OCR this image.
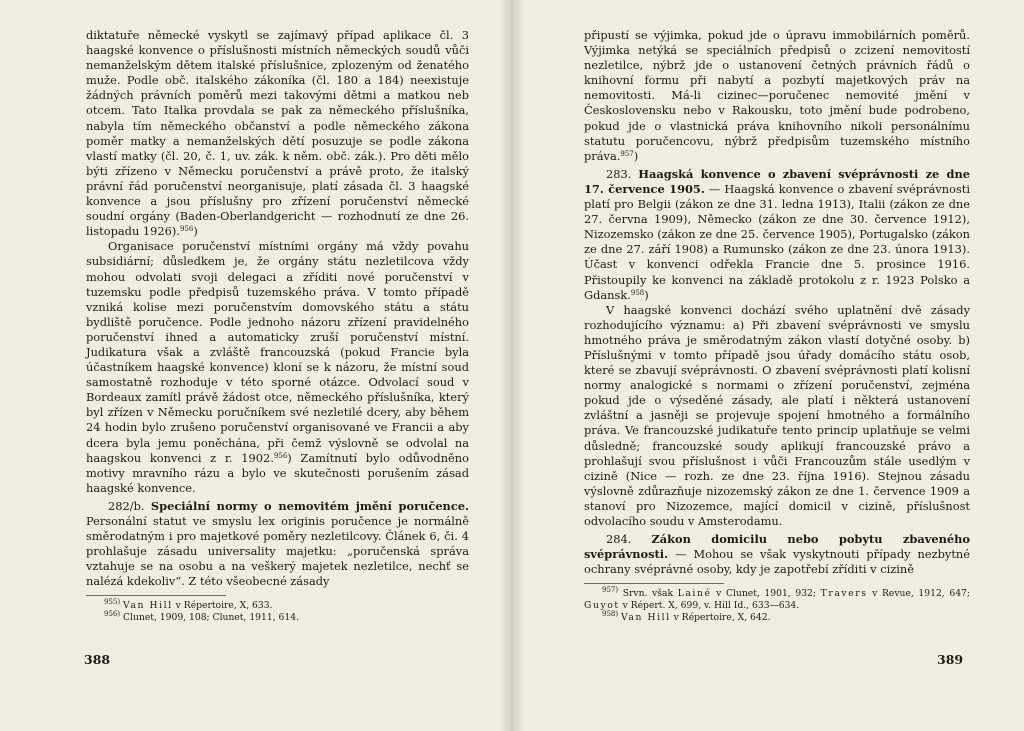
diktatuře německé vyskytl se zajímavý případ aplikace čl. 3 haagské konvence o příslušnosti místních německých soudů vůči nemanželským dětem italské příslušnice, zplozeným od ženatého muže. Podle obč. italského zákoníka (čl. 180 a 184) neexistuje žádných právních poměrů mezi takovými dětmi a matkou neb otcem. Tato Italka provdala se pak za německého příslušníka, nabyla tím německého občanství a podle německého zákona poměr matky a nemanželských dětí posuzuje se podle zákona vlastí matky (čl. 20, č. 1, uv. zák. k něm. obč. zák.). Pro děti mělo býti zřízeno v Německu poručenství a právě proto, že italský právní řád poručenství neorganisuje, platí zásada čl. 3 haagské konvence a jsou příslušny pro zřízení poručenství německé soudní orgány (Baden-Oberlandgericht — rozhodnutí ze dne 26. listopadu 1926).$^{956}$)

Organisace poručenství místními orgány má vždy povahu subsidiární; důsledkem je, že orgány státu nezletilcova vždy mohou odvolati svoji delegaci a zříditi nové poručenství v tuzemsku podle předpisů tuzemského práva. V tomto případě vzniká kolise mezi poručenstvím domovského státu a státu bydliště poručence. Podle jednoho názoru zřízení pravidelného poručenství ihned a automaticky zruší poručenství místní. Judikatura však a zvláště francouzská (pokud Francie byla účastníkem haagské konvence) kloní se k názoru, že místní soud samostatně rozhoduje v této sporné otázce. Odvolací soud v Bordeaux zamítl právě žádost otce, německého příslušníka, který byl zřízen v Německu poručníkem své nezletilé dcery, aby během 24 hodin bylo zrušeno poručenství organisované ve Francii a aby dcera byla jemu poněchána, při čemž výslovně se odvolal na haagskou konvenci z r. 1902.$^{956}$) Zamítnutí bylo odůvodněno motivy mravního rázu a bylo ve skutečnosti porušením zásad haagské konvence.

282/b. Speciální normy o nemovitém jmění poručence. Personální statut ve smyslu lex originis poručence je normálně směrodatným i pro majetkové poměry nezletilcovy. Článek 6, či. 4 prohlašuje zásadu universality majetku: „poručenská správa vztahuje se na osobu a na veškerý majetek nezletilce, nechť se nalézá kdekoliv“. Z této všeobecné zásady

$^{955)}$ Van Hill v Répertoire, X, 633.

$^{956)}$ Clunet, 1909, 108; Clunet, 1911, 614.

388

připustí se výjimka, pokud jde o úpravu immobilárních poměrů. Výjimka netýká se speciálních předpisů o zcizení nemovitostí nezletilce, nýbrž jde o ustanovení četných právních řádů o knihovní formu při nabytí a pozbytí majetkových práv na nemovitosti. Má-li cizinec—poručenec nemovité jmění v Československu nebo v Rakousku, toto jmění bude podrobeno, pokud jde o vlastnická práva knihovního nikoli personálnímu statutu poručencovu, nýbrž předpisům tuzemského místního práva.$^{957}$)

283. Haagská konvence o zbavení svéprávnosti ze dne 17. července 1905. — Haagská konvence o zbavení svéprávnosti platí pro Belgii (zákon ze dne 31. ledna 1913), Italii (zákon ze dne 27. června 1909), Německo (zákon ze dne 30. července 1912), Nizozemsko (zákon ze dne 25. července 1905), Portugalsko (zákon ze dne 27. září 1908) a Rumunsko (zákon ze dne 23. února 1913). Účast v konvenci odřekla Francie dne 5. prosince 1916. Přistoupily ke konvenci na základě protokolu z r. 1923 Polsko a Gdansk.$^{958}$)

V haagské konvenci dochází svého uplatnění dvě zásady rozhodujícího významu: a) Při zbavení svéprávnosti ve smyslu hmotného práva je směrodatným zákon vlastí dotyčné osoby. b) Příslušnými v tomto případě jsou úřady domácího státu osob, které se zbavují svéprávnosti. O zbavení svéprávnosti platí kolisní normy analogické s normami o zřízení poručenství, zejména pokud jde o výseděné zásady, ale platí i některá ustanovení zvláštní a jasněji se projevuje spojení hmotného a formálního práva. Ve francouzské judikatuře tento princip uplatňuje se velmi důsledně; francouzské soudy aplikují francouzské právo a prohlašují svou příslušnost i vůči Francouzům stále usedlým v cizině (Nice — rozh. ze dne 23. října 1916). Stejnou zásadu výslovně zdůrazňuje nizozemský zákon ze dne 1. července 1909 a stanoví pro Nizozemce, mající domicil v cizině, příslušnost odvolacího soudu v Amsterodamu.

284. Zákon domicilu nebo pobytu zbaveného svéprávnosti. — Mohou se však vyskytnouti případy nezbytné ochrany svéprávné osoby, kdy je zapotřebí zříditi v cizině

$^{957)}$ Srvn. však Lainé v Clunet, 1901, 932; Travers v Revue, 1912, 647; Guyot v Répert. X, 699, v. Hill Id., 633—634.

$^{958)}$ Van Hill v Répertoire, X, 642.

389
